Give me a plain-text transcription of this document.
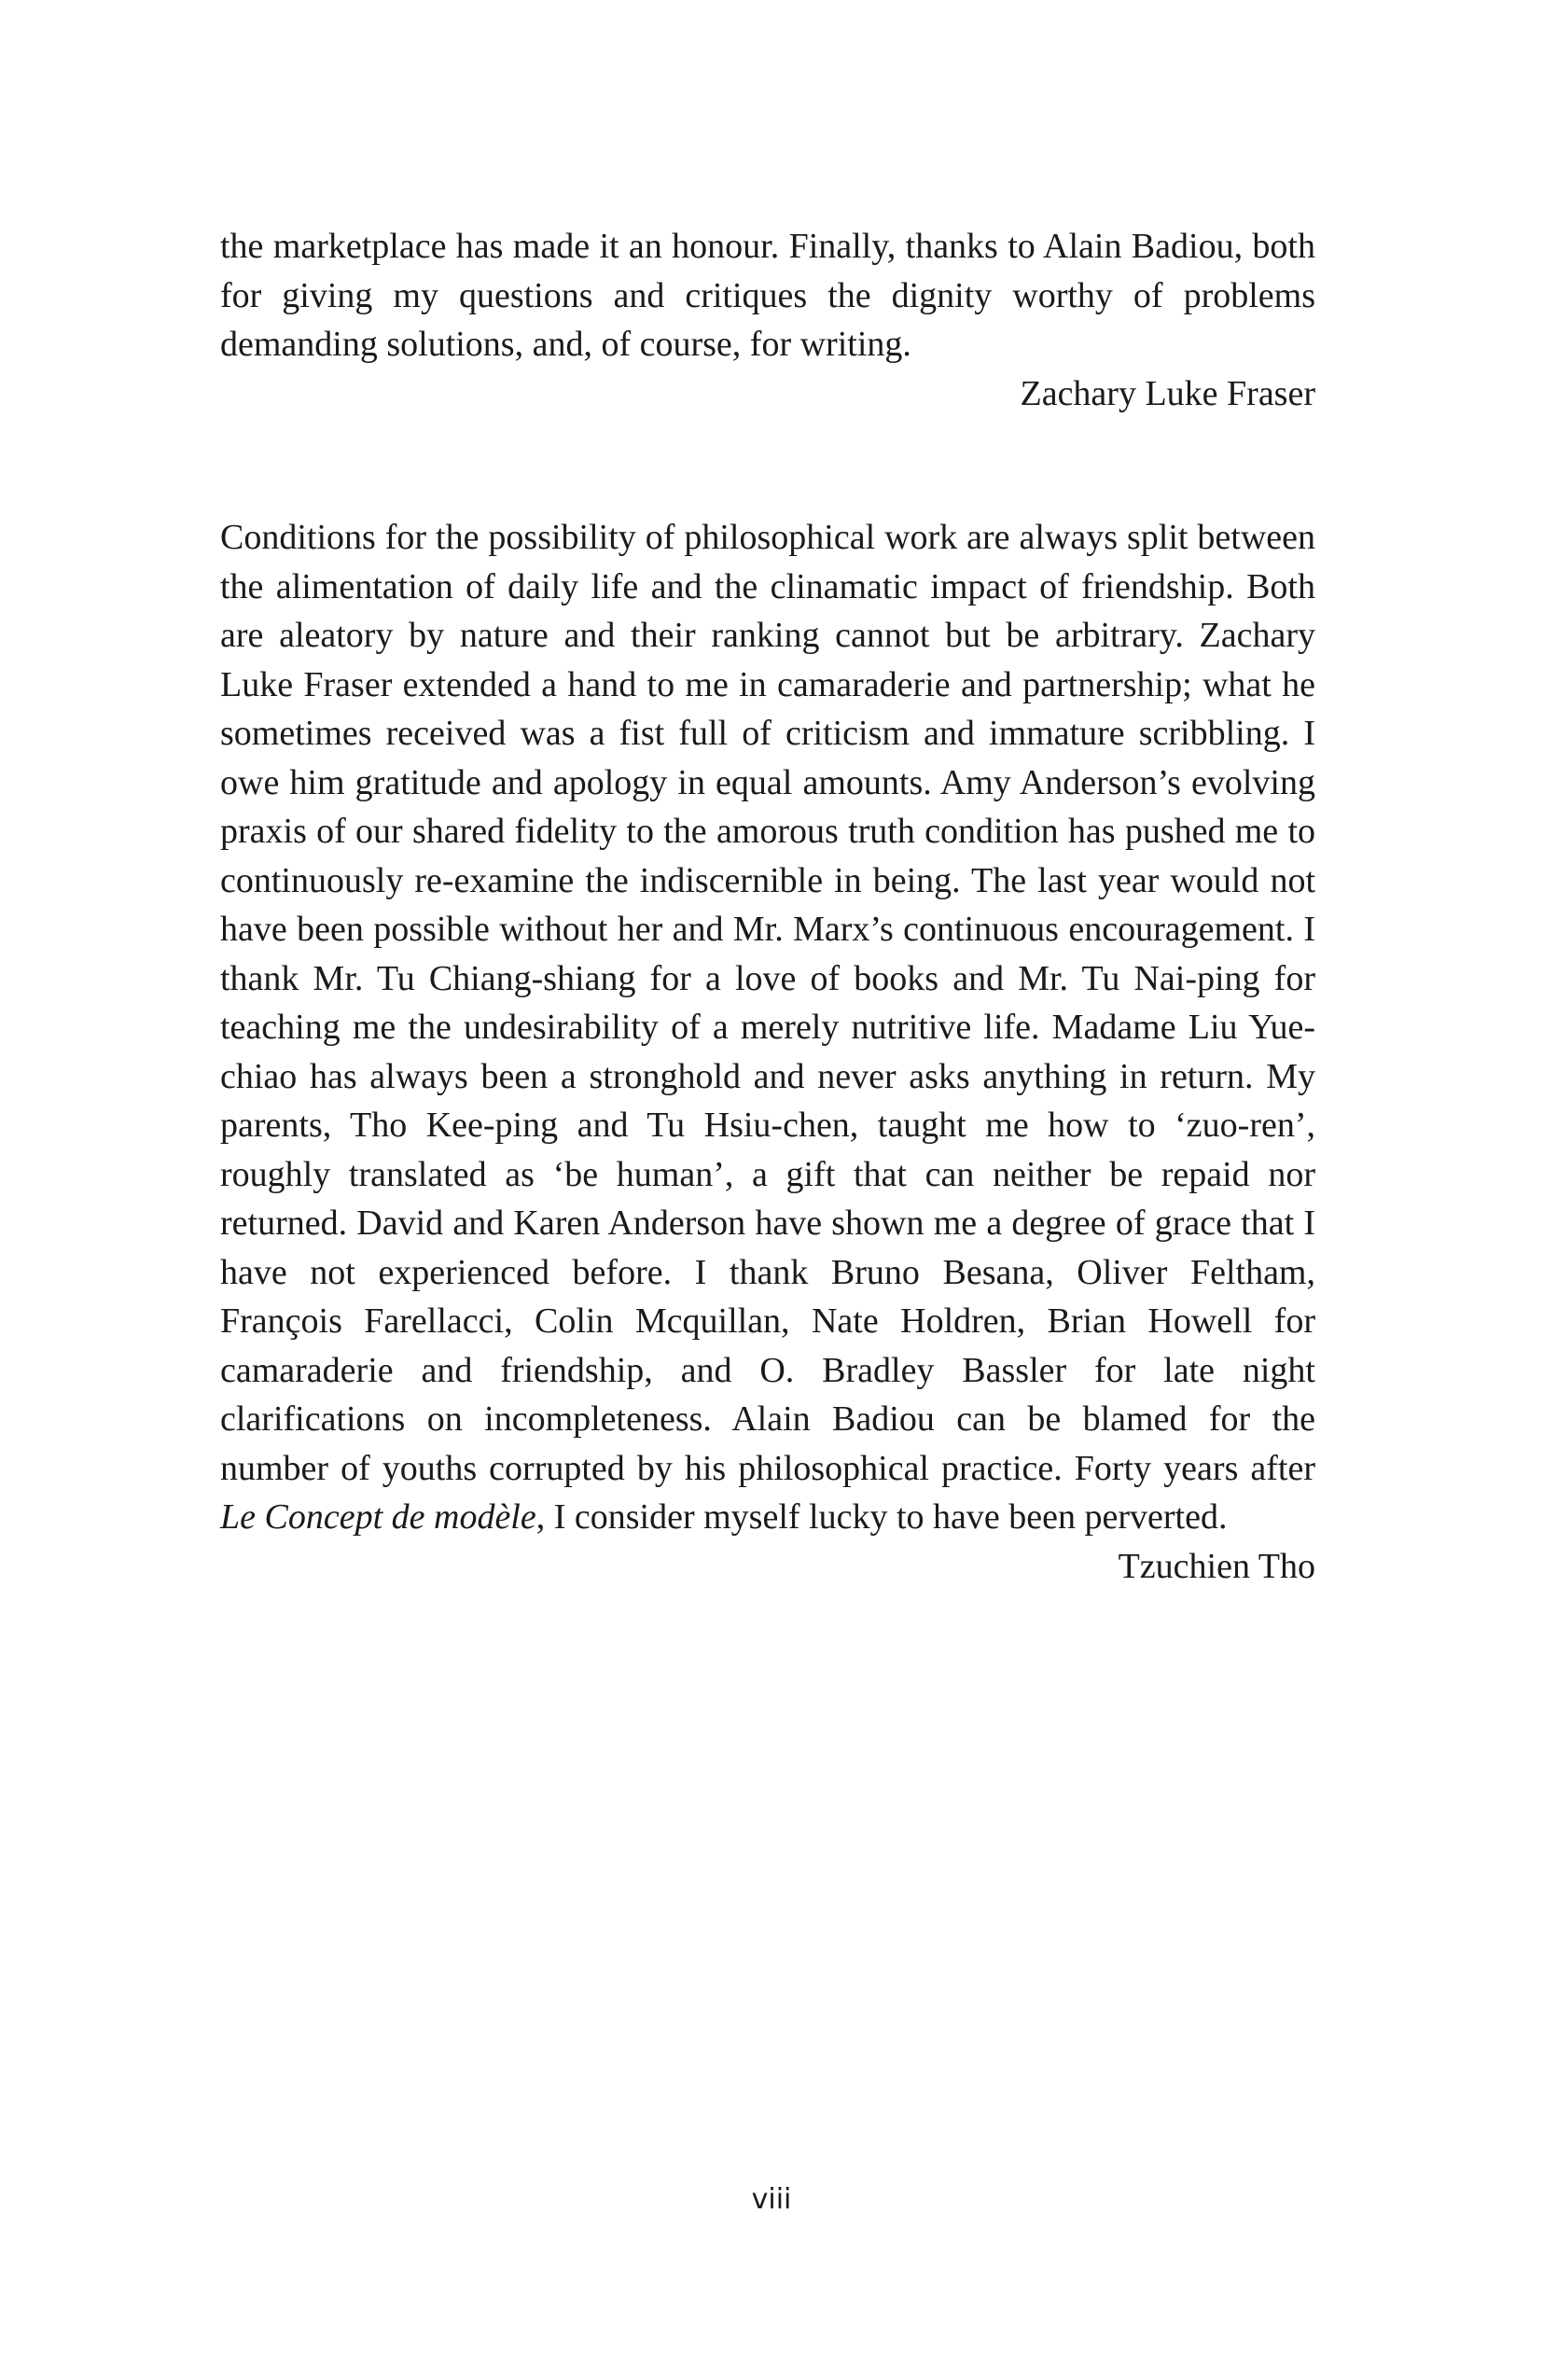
the marketplace has made it an honour. Finally, thanks to Alain Badiou, both for giving my questions and critiques the dignity worthy of problems demanding solutions, and, of course, for writing.

Zachary Luke Fraser

Conditions for the possibility of philosophical work are always split between the alimentation of daily life and the clinamatic impact of friendship. Both are aleatory by nature and their ranking cannot but be arbitrary. Zachary Luke Fraser extended a hand to me in camaraderie and partnership; what he sometimes received was a fist full of criticism and immature scribbling. I owe him gratitude and apology in equal amounts. Amy Anderson’s evolving praxis of our shared fidelity to the amorous truth condition has pushed me to continuously re-examine the indiscernible in being. The last year would not have been possible without her and Mr. Marx’s continuous encouragement. I thank Mr. Tu Chiang-shiang for a love of books and Mr. Tu Nai-ping for teaching me the undesirability of a merely nutritive life. Madame Liu Yue-chiao has always been a stronghold and never asks anything in return. My parents, Tho Kee-ping and Tu Hsiu-chen, taught me how to ‘zuo-ren’, roughly translated as ‘be human’, a gift that can neither be repaid nor returned. David and Karen Anderson have shown me a degree of grace that I have not experienced before. I thank Bruno Besana, Oliver Feltham, François Farellacci, Colin Mcquillan, Nate Holdren, Brian Howell for camaraderie and friendship, and O. Bradley Bassler for late night clarifications on incompleteness. Alain Badiou can be blamed for the number of youths corrupted by his philosophical practice. Forty years after Le Concept de modèle, I consider myself lucky to have been perverted.

Tzuchien Tho

viii
